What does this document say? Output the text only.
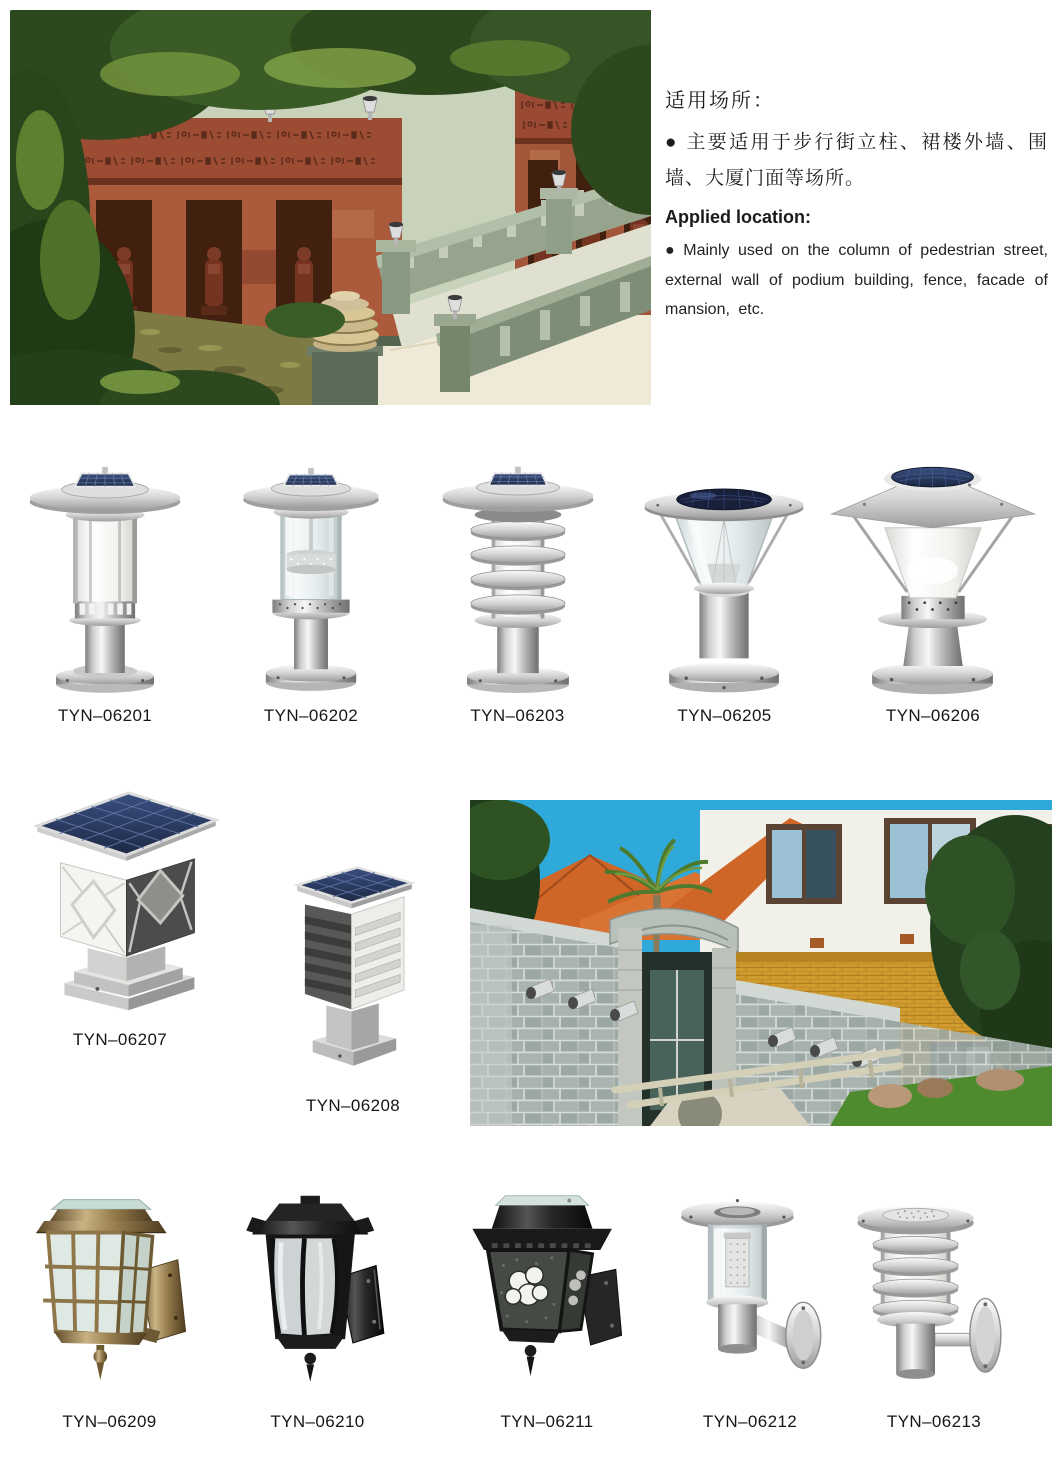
适用场所：
● 主要适用于步行街立柱、裙楼外墙、围墙、大厦门面等场所。
Applied location:
● Mainly used on the column of pedestrian street, external wall of podium building, fence, facade of mansion, etc.
TYN–06201	TYN–06202	TYN–06203	TYN–06205	TYN–06206
TYN–06207
TYN–06208
TYN–06209	TYN–06210	TYN–06211	TYN–06212	TYN–06213
